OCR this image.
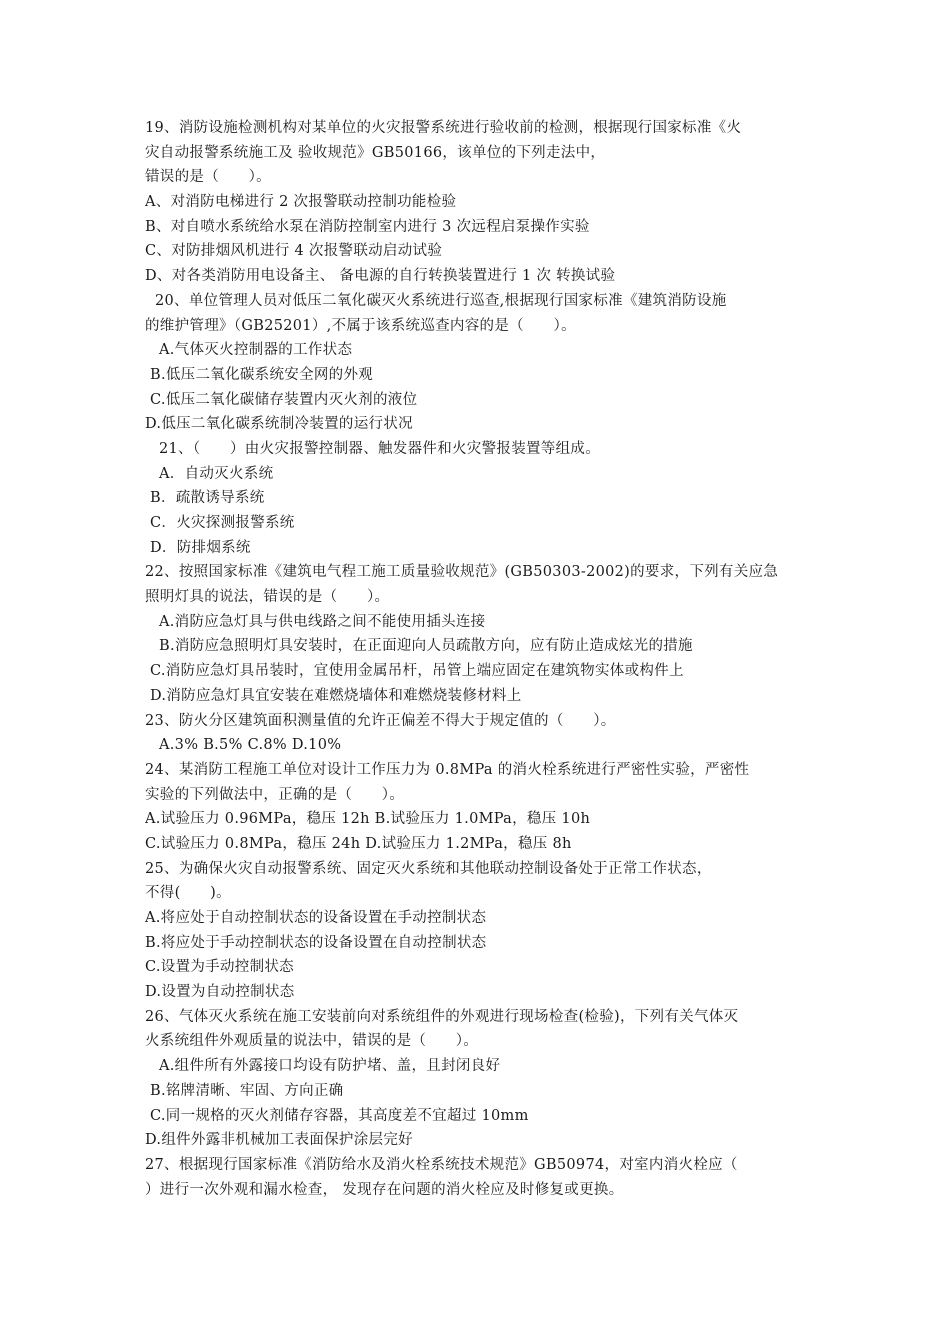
19、消防设施检测机构对某单位的火灾报警系统进行验收前的检测，根据现行国家标准《火
灾自动报警系统施工及 验收规范》GB50166，该单位的下列走法中，
错误的是（　　）。
A、对消防电梯进行 2 次报警联动控制功能检验
B、对自喷水系统给水泵在消防控制室内进行 3 次远程启泵操作实验
C、对防排烟风机进行 4 次报警联动启动试验
D、对各类消防用电设备主、 备电源的自行转换装置进行 1 次 转换试验
20、单位管理人员对低压二氧化碳灭火系统进行巡查,根据现行国家标准《建筑消防设施
的维护管理》（GB25201）,不属于该系统巡查内容的是（　　）。
A.气体灭火控制器的工作状态
B.低压二氧化碳系统安全网的外观
C.低压二氧化碳储存装置内灭火剂的液位
D.低压二氧化碳系统制冷装置的运行状况
21、（　　）由火灾报警控制器、触发器件和火灾警报装置等组成。
A．自动灭火系统
B．疏散诱导系统
C．火灾探测报警系统
D．防排烟系统
22、按照国家标准《建筑电气程工施工质量验收规范》(GB50303-2002)的要求，下列有关应急
照明灯具的说法，错误的是（　　）。
A.消防应急灯具与供电线路之间不能使用插头连接
B.消防应急照明灯具安装时，在正面迎向人员疏散方向，应有防止造成炫光的措施
C.消防应急灯具吊装时，宜使用金属吊杆，吊管上端应固定在建筑物实体或构件上
D.消防应急灯具宜安装在难燃烧墙体和难燃烧装修材料上
23、防火分区建筑面积测量值的允许正偏差不得大于规定值的（　　）。
A.3% B.5% C.8% D.10%
24、某消防工程施工单位对设计工作压力为 0.8MPa 的消火栓系统进行严密性实验，严密性
实验的下列做法中，正确的是（　　）。
A.试验压力 0.96MPa，稳压 12h B.试验压力 1.0MPa，稳压 10h
C.试验压力 0.8MPa，稳压 24h D.试验压力 1.2MPa，稳压 8h
25、为确保火灾自动报警系统、固定灭火系统和其他联动控制设备处于正常工作状态，
不得(　　)。
A.将应处于自动控制状态的设备设置在手动控制状态
B.将应处于手动控制状态的设备设置在自动控制状态
C.设置为手动控制状态
D.设置为自动控制状态
26、气体灭火系统在施工安装前向对系统组件的外观进行现场检查(检验)，下列有关气体灭
火系统组件外观质量的说法中，错误的是（　　）。
A.组件所有外露接口均设有防护堵、盖，且封闭良好
B.铭牌清晰、牢固、方向正确
C.同一规格的灭火剂储存容器，其高度差不宜超过 10mm
D.组件外露非机械加工表面保护涂层完好
27、根据现行国家标准《消防给水及消火栓系统技术规范》GB50974，对室内消火栓应（
）进行一次外观和漏水检查， 发现存在问题的消火栓应及时修复或更换。
